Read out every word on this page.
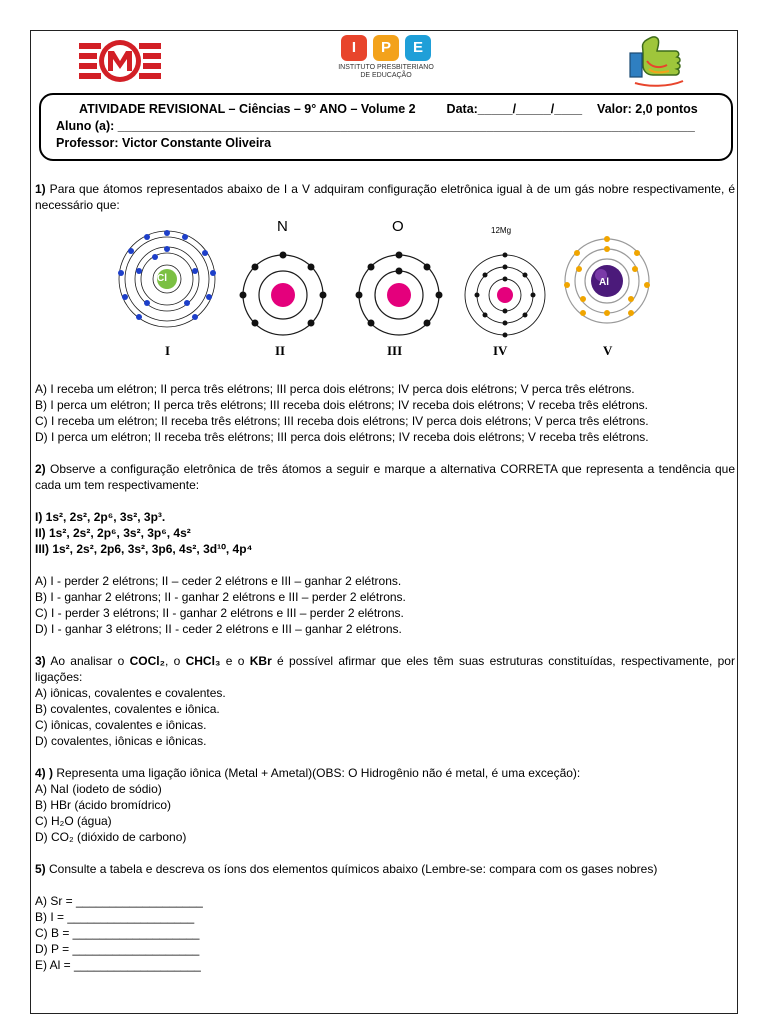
I	P	E
INSTITUTO PRESBITERIANO
DE EDUCAÇÃO
ATIVIDADE REVISIONAL – Ciências – 9° ANO – Volume 2 Data:_____/_____/____ Valor: 2,0 pontos
Aluno (a): ___________________________________________________________________________________
Professor: Victor Constante Oliveira
1) Para que átomos representados abaixo de I a V adquiram configuração eletrônica igual à de um gás nobre respectivamente, é necessário que:
Cl
N	O	12Mg
Al
I	II	III	IV	V
A) I receba um elétron; II perca três elétrons; III perca dois elétrons; IV perca dois elétrons; V perca três elétrons.
B) I perca um elétron; II perca três elétrons; III receba dois elétrons; IV receba dois elétrons; V receba três elétrons.
C) I receba um elétron; II receba três elétrons; III receba dois elétrons; IV perca dois elétrons; V perca três elétrons.
D) I perca um elétron; II receba três elétrons; III perca dois elétrons; IV receba dois elétrons; V receba três elétrons.
2) Observe a configuração eletrônica de três átomos a seguir e marque a alternativa CORRETA que representa a tendência que cada um tem respectivamente:
I) 1s², 2s², 2p⁶, 3s², 3p³.
II) 1s², 2s², 2p⁶, 3s², 3p⁶, 4s²
III) 1s², 2s², 2p6, 3s², 3p6, 4s², 3d¹⁰, 4p⁴
A) I - perder 2 elétrons; II – ceder 2 elétrons e III – ganhar 2 elétrons.
B) I - ganhar 2 elétrons; II - ganhar 2 elétrons e III – perder 2 elétrons.
C) I - perder 3 elétrons; II - ganhar 2 elétrons e III – perder 2 elétrons.
D) I - ganhar 3 elétrons; II - ceder 2 elétrons e III – ganhar 2 elétrons.
3) Ao analisar o COCl₂, o CHCl₃ e o KBr é possível afirmar que eles têm suas estruturas constituídas, respectivamente, por ligações:
A) iônicas, covalentes e covalentes.
B) covalentes, covalentes e iônica.
C) iônicas, covalentes e iônicas.
D) covalentes, iônicas e iônicas.
4) ) Representa uma ligação iônica (Metal + Ametal)(OBS: O Hidrogênio não é metal, é uma exceção):
A) NaI (iodeto de sódio)
B) HBr (ácido bromídrico)
C) H₂O (água)
D) CO₂ (dióxido de carbono)
5) Consulte a tabela e descreva os íons dos elementos químicos abaixo (Lembre-se: compara com os gases nobres)
A) Sr = ___________________
B) I = ___________________
C) B = ___________________
D) P = ___________________
E) Al = ___________________
